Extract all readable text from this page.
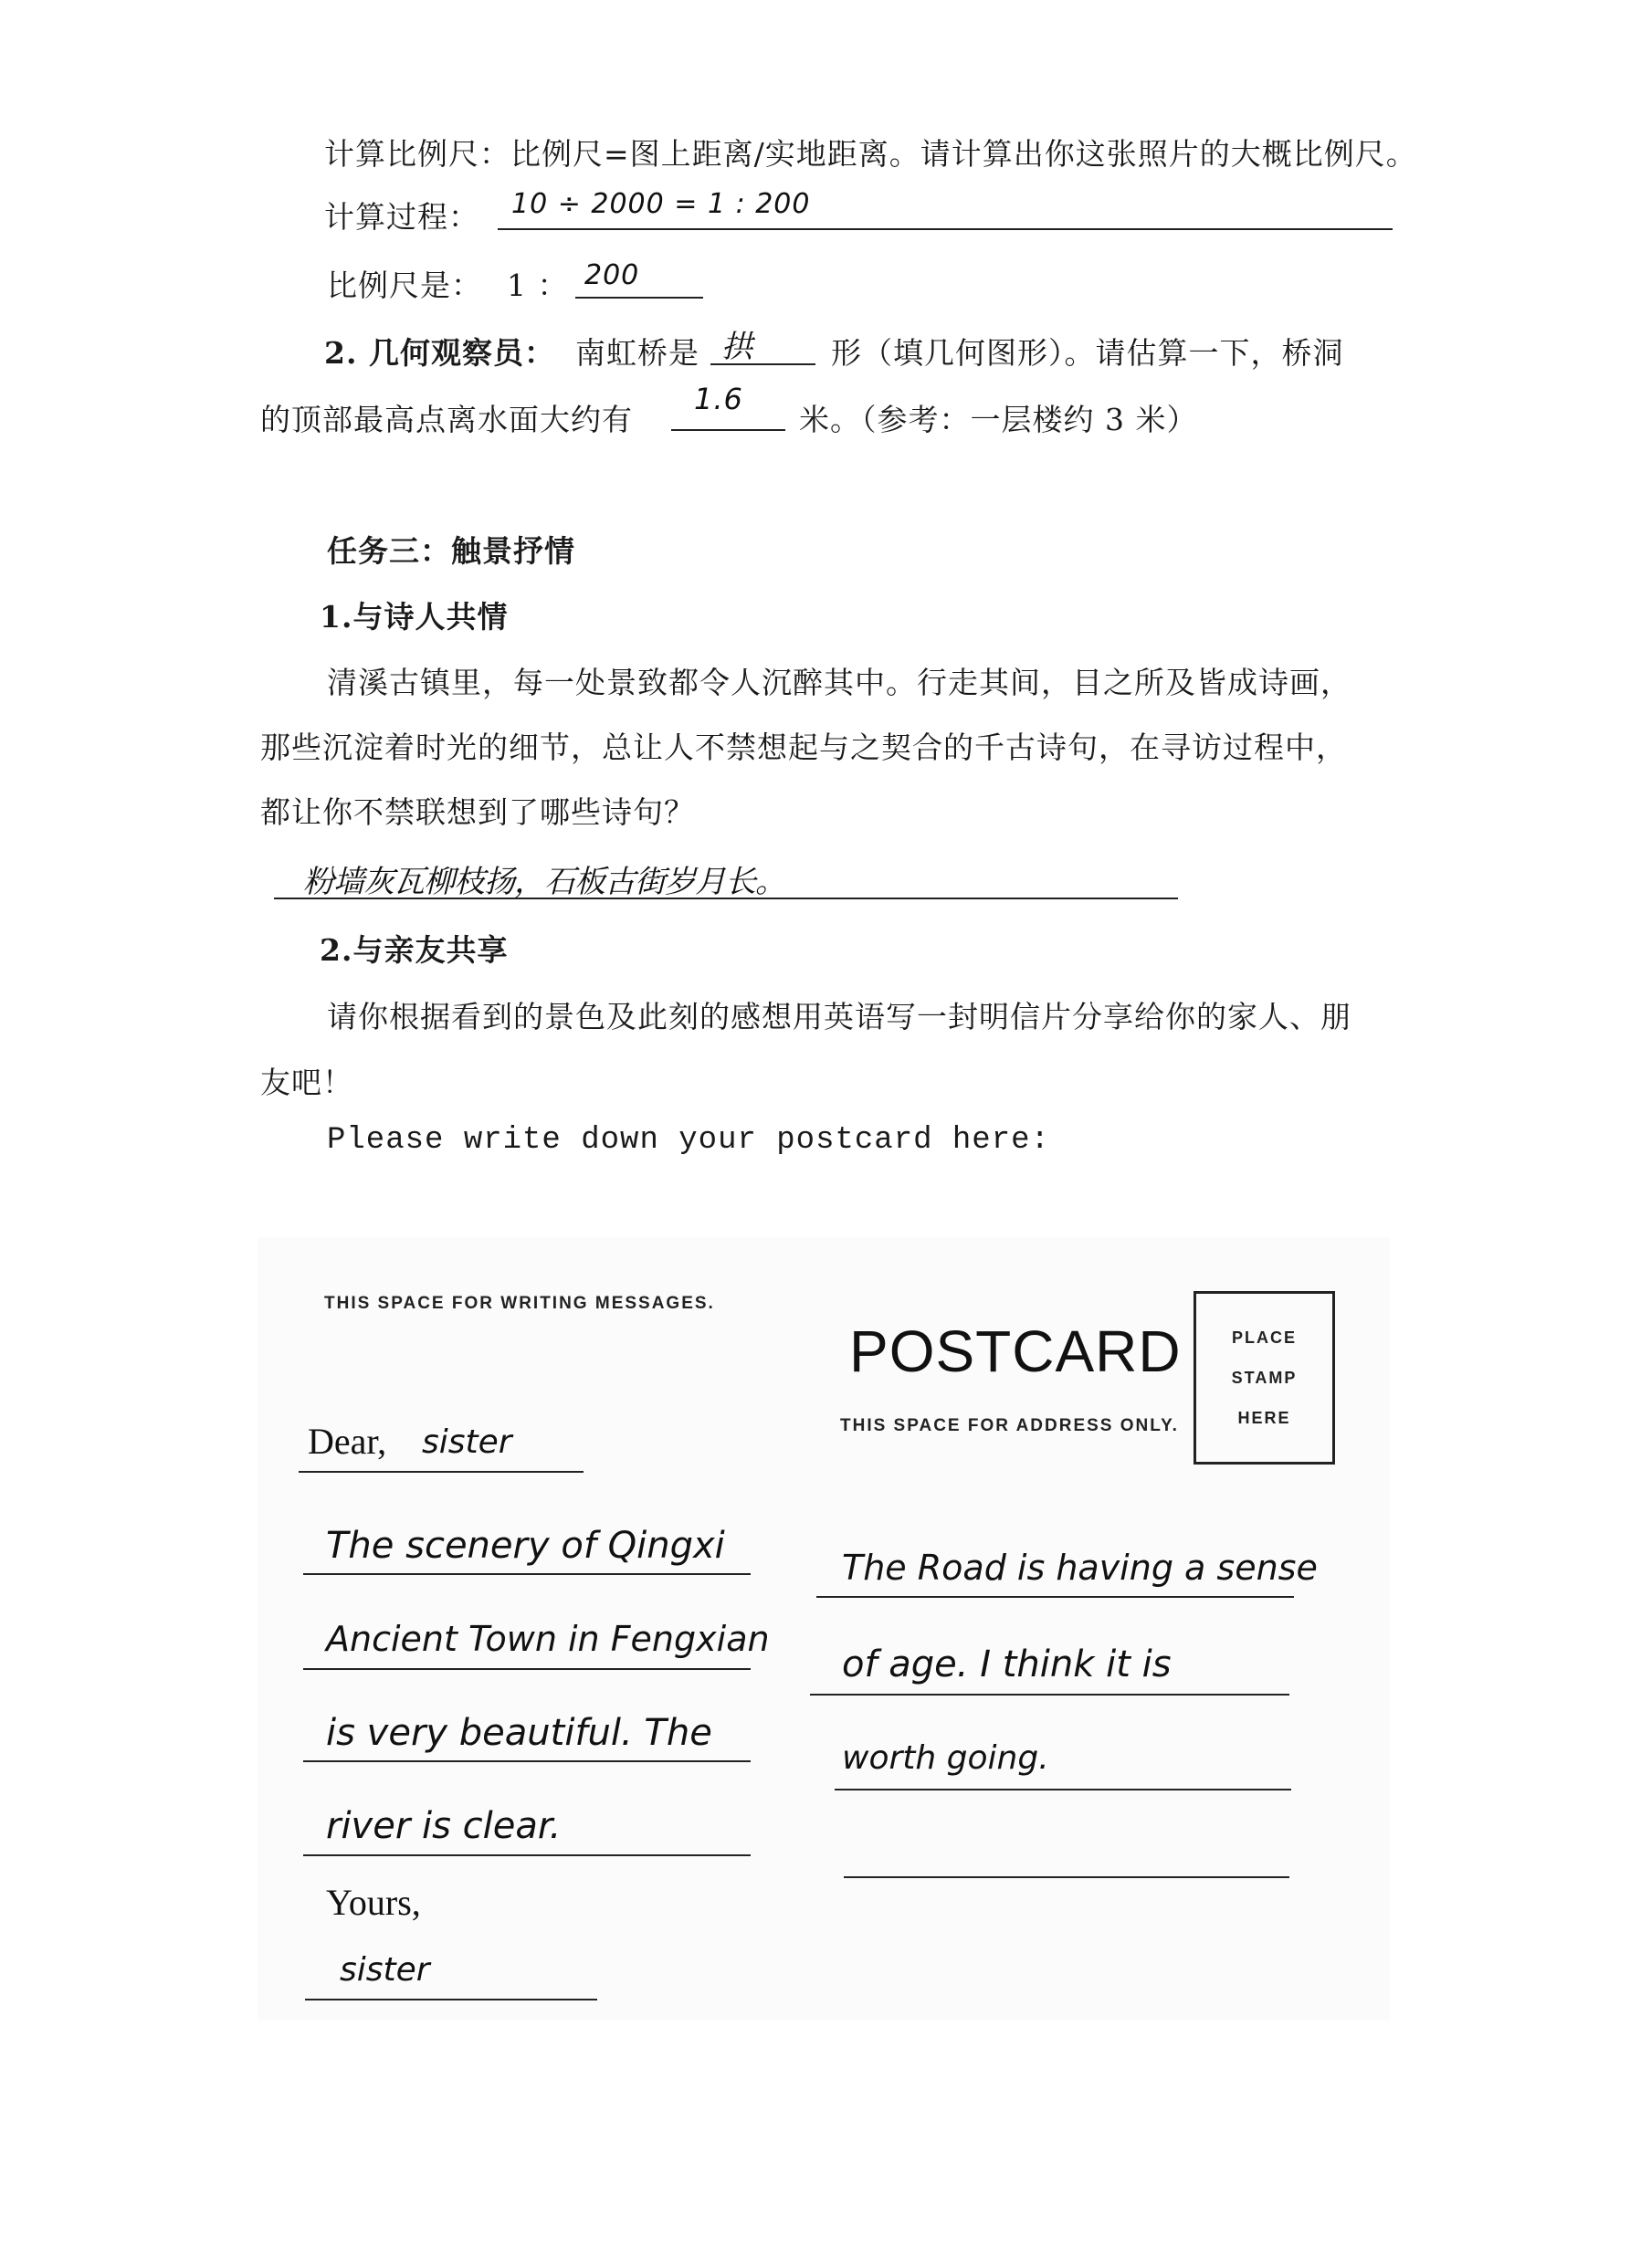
计算比例尺：比例尺=图上距离/实地距离。请计算出你这张照片的大概比例尺。
计算过程： 10 ÷ 2000 = 1 : 200
比例尺是： 1 ： 200
2. 几何观察员： 南虹桥是 拱	形（填几何图形）。请估算一下，桥洞
的顶部最高点离水面大约有
1.6
米。（参考：一层楼约 3 米）
任务三：触景抒情
1.与诗人共情
清溪古镇里，每一处景致都令人沉醉其中。行走其间，目之所及皆成诗画，
那些沉淀着时光的细节，总让人不禁想起与之契合的千古诗句，在寻访过程中，
都让你不禁联想到了哪些诗句？
粉墙灰瓦柳枝扬，石板古街岁月长。
2.与亲友共享
请你根据看到的景色及此刻的感想用英语写一封明信片分享给你的家人、朋
友吧！
Please write down your postcard here:
THIS SPACE FOR WRITING MESSAGES.
POSTCARD
THIS SPACE FOR ADDRESS ONLY.
PLACE
STAMP
HERE
Dear, sister
The scenery of Qingxi
Ancient Town in Fengxian
is very beautiful. The
river is clear.
The Road is having a sense
of age. I think it is
worth going.
Yours,
sister
